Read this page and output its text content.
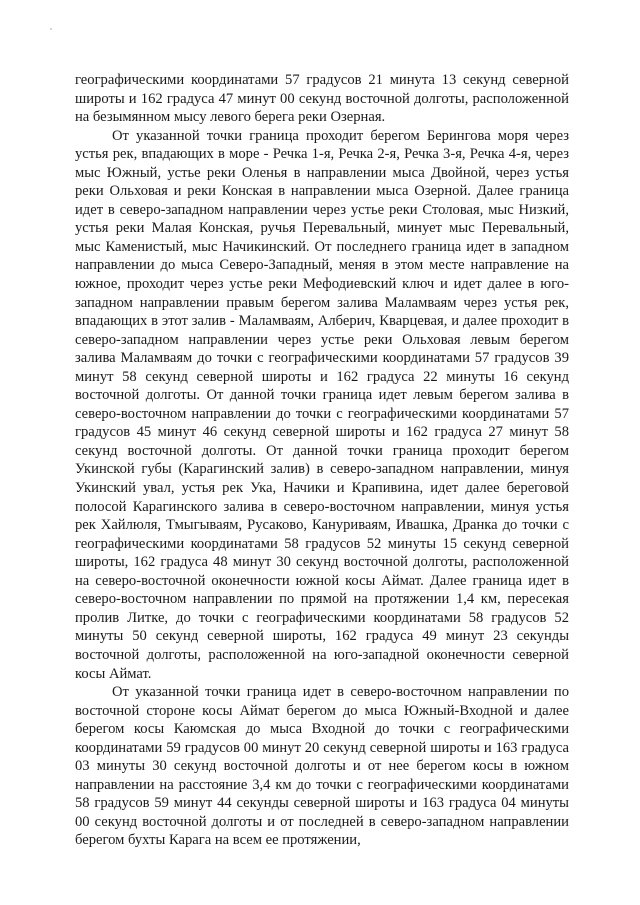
географическими координатами 57 градусов 21 минута 13 секунд северной широты и 162 градуса 47 минут 00 секунд восточной долготы, расположенной на безымянном мысу левого берега реки Озерная.

От указанной точки граница проходит берегом Берингова моря через устья рек, впадающих в море - Речка 1-я, Речка 2-я, Речка 3-я, Речка 4-я, через мыс Южный, устье реки Оленья в направлении мыса Двойной, через устья реки Ольховая и реки Конская в направлении мыса Озерной. Далее граница идет в северо-западном направлении через устье реки Столовая, мыс Низкий, устья реки Малая Конская, ручья Перевальный, минует мыс Перевальный, мыс Каменистый, мыс Начикинский. От последнего граница идет в западном направлении до мыса Северо-Западный, меняя в этом месте направление на южное, проходит через устье реки Мефодиевский ключ и идет далее в юго-западном направлении правым берегом залива Маламваям через устья рек, впадающих в этот залив - Маламваям, Алберич, Кварцевая, и далее проходит в северо-западном направлении через устье реки Ольховая левым берегом залива Маламваям до точки с географическими координатами 57 градусов 39 минут 58 секунд северной широты и 162 градуса 22 минуты 16 секунд восточной долготы. От данной точки граница идет левым берегом залива в северо-восточном направлении до точки с географическими координатами 57 градусов 45 минут 46 секунд северной широты и 162 градуса 27 минут 58 секунд восточной долготы. От данной точки граница проходит берегом Укинской губы (Карагинский залив) в северо-западном направлении, минуя Укинский увал, устья рек Ука, Начики и Крапивина, идет далее береговой полосой Карагинского залива в северо-восточном направлении, минуя устья рек Хайлюля, Тмыгываям, Русаково, Кануриваям, Ивашка, Дранка до точки с географическими координатами 58 градусов 52 минуты 15 секунд северной широты, 162 градуса 48 минут 30 секунд восточной долготы, расположенной на северо-восточной оконечности южной косы Аймат. Далее граница идет в северо-восточном направлении по прямой на протяжении 1,4 км, пересекая пролив Литке, до точки с географическими координатами 58 градусов 52 минуты 50 секунд северной широты, 162 градуса 49 минут 23 секунды восточной долготы, расположенной на юго-западной оконечности северной косы Аймат.

От указанной точки граница идет в северо-восточном направлении по восточной стороне косы Аймат берегом до мыса Южный-Входной и далее берегом косы Каюмская до мыса Входной до точки с географическими координатами 59 градусов 00 минут 20 секунд северной широты и 163 градуса 03 минуты 30 секунд восточной долготы и от нее берегом косы в южном направлении на расстояние 3,4 км до точки с географическими координатами 58 градусов 59 минут 44 секунды северной широты и 163 градуса 04 минуты 00 секунд восточной долготы и от последней в северо-западном направлении берегом бухты Карага на всем ее протяжении,
